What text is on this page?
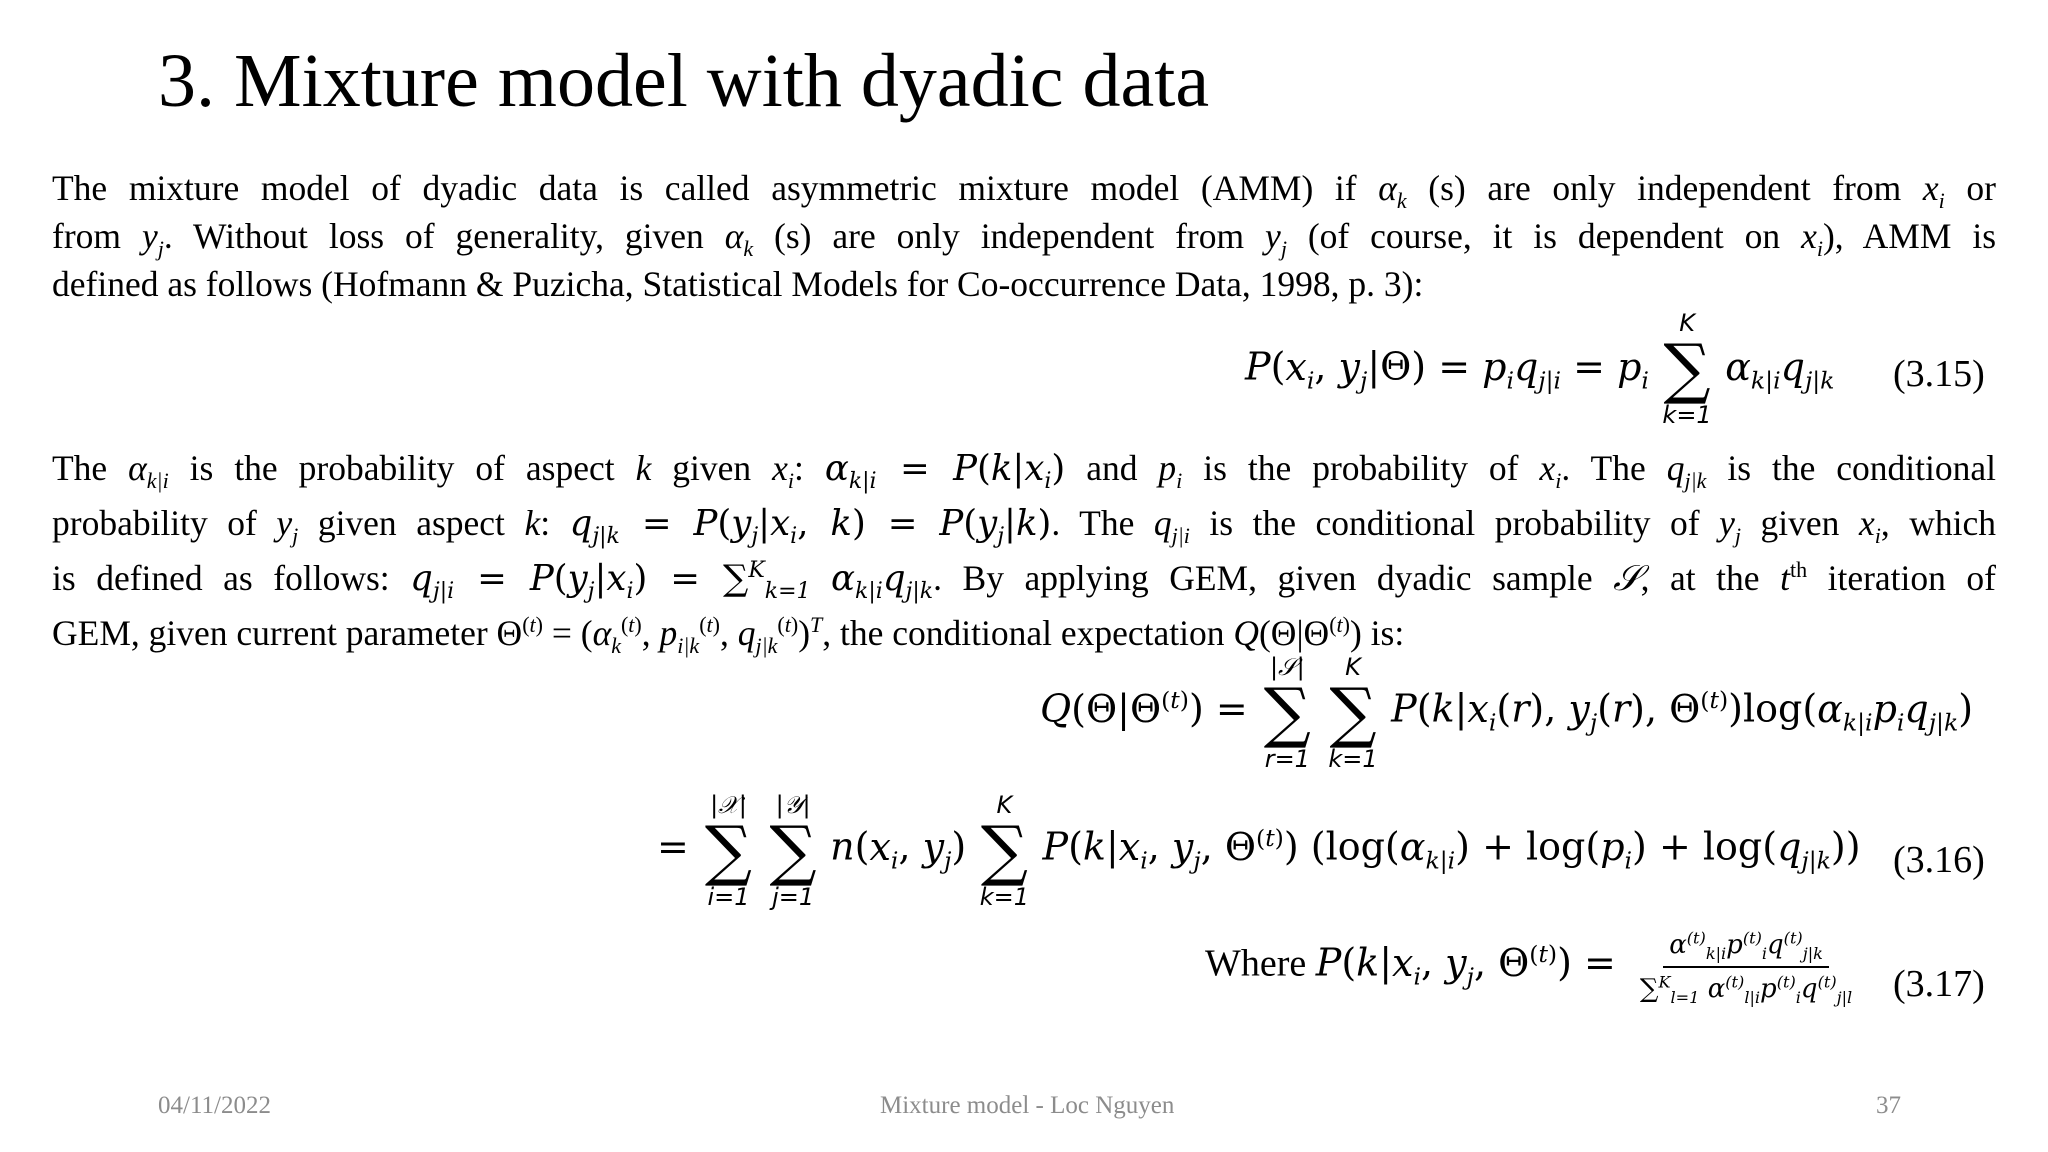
3. Mixture model with dyadic data
The mixture model of dyadic data is called asymmetric mixture model (AMM) if $\alpha_k$ (s) are only independent from $x_i$ or
from $y_j$. Without loss of generality, given $\alpha_k$ (s) are only independent from $y_j$ (of course, it is dependent on $x_i$), AMM is
defined as follows (Hofmann & Puzicha, Statistical Models for Co-occurrence Data, 1998, p. 3):
$P(x_i$, $y_j|\Theta) = p_iq_{j|i} = p_i$
K
∑
k=1
$\alpha_{k|i}q_{j|k}$ (3.15)
The $\alpha_{k|i}$ is the probability of aspect k given $x_i$: $\alpha_{k|i} = P(k|x_i)$ and $p_i$ is the probability of $x_i$. The $q_{j|k}$ is the conditional
probability of $y_j$ given aspect k: $q_{j|k} = P(y_j|x_i$, $k) = P(y_j|k)$. The $q_{j|i}$ is the conditional probability of $y_j$ given $x_i$, which
is defined as follows: $q_{j|i} = P(y_j|x_i) = \sum^K_{k=1}$ $\alpha_{k|i}q_{j|k}$. By applying GEM, given dyadic sample 𝒮, at the $t^{th}$ iteration of
GEM, given current parameter $\Theta^{(t)} = (\alpha_k^{(t)}$, $p_{i|k}^{(t)}$, $q_{j|k}^{(t)})^T$, the conditional expectation $Q(\Theta|\Theta^{(t)})$ is:
$Q(\Theta|\Theta^{(t)})$ =
|𝒮|
∑
r=1

K
∑
k=1
$P(k|x_i(r)$, $y_j(r)$, $\Theta^{(t)})\log(\alpha_{k|i}p_iq_{j|k})$
=
|𝒳|
∑
i=1

|𝒴|
∑
j=1
$n(x_i$, $y_j$)
K
∑
k=1
$P(k|x_i$, $y_j$, $\Theta^{(t)}$) $(\log(\alpha_{k|i}) + \log(p_i) + \log(q_{j|k}))$ (3.16)
Where $P(k|x_i$, $y_j$, $\Theta^{(t)}) = \frac{\alpha^{(t)}_{k|i}p^{(t)}_iq^{(t)}_{j|k}}{\sum^K_{l=1} \alpha^{(t)}_{l|i}p^{(t)}_iq^{(t)}_{j|l}} (3.17)$
04/11/2022	Mixture model - Loc Nguyen	37
